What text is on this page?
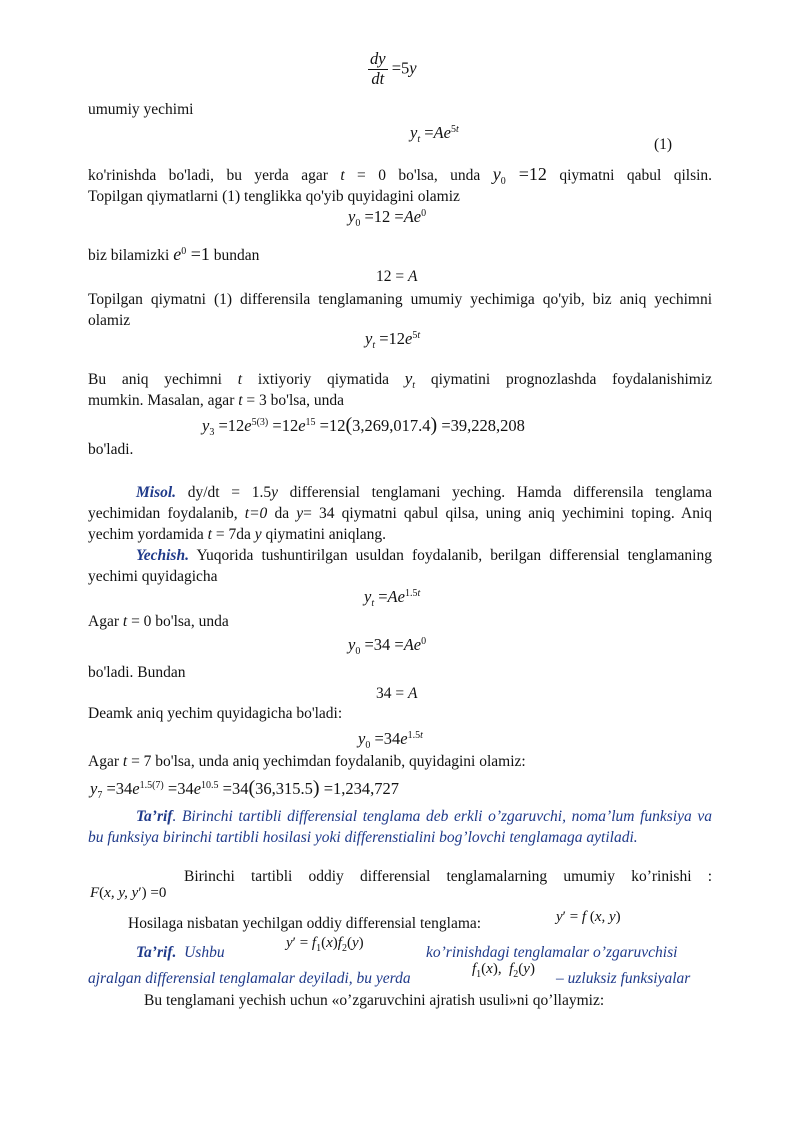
$\frac{dy}{dt} =5y$
umumiy yechimi
$y_t =Ae^{5t}$
(1)
ko'rinishda bo'ladi, bu yerda agar t = 0 bo'lsa, unda $y_0 =12$ qiymatni qabul qilsin.
Topilgan qiymatlarni (1) tenglikka qo'yib quyidagini olamiz
$y_0 =12 =Ae^0$
biz bilamizki $e^0 =1$ bundan
12 = A
Topilgan qiymatni (1) differensila tenglamaning umumiy yechimiga qo'yib, biz aniq yechimni olamiz
$y_t =12e^{5t}$
Bu aniq yechimni t ixtiyoriy qiymatida $y_t$ qiymatini prognozlashda foydalanishimiz
mumkin. Masalan, agar t = 3 bo'lsa, unda
$y_3 =12e^{5(3)} =12e^{15} =12(3,269,017.4) =39,228,208$
bo'ladi.
Misol. dy/dt = 1.5y differensial tenglamani yeching. Hamda differensila tenglama yechimidan foydalanib, t=0 da y= 34 qiymatni qabul qilsa, uning aniq yechimini toping. Aniq yechim yordamida t = 7da y qiymatini aniqlang.
Yechish. Yuqorida tushuntirilgan usuldan foydalanib, berilgan differensial tenglamaning yechimi quyidagicha
$y_t =Ae^{1.5t}$
Agar t = 0 bo'lsa, unda
$y_0 =34 =Ae^0$
bo'ladi. Bundan
34 = A
Deamk aniq yechim quyidagicha bo'ladi:
$y_0 =34e^{1.5t}$
Agar t = 7 bo'lsa, unda aniq yechimdan foydalanib, quyidagini olamiz:
$y_7 =34e^{1.5(7)} =34e^{10.5} =34(36,315.5) =1,234,727$
Ta’rif. Birinchi tartibli differensial tenglama deb erkli o’zgaruvchi, noma’lum funksiya va bu funksiya birinchi tartibli hosilasi yoki differenstialini bog’lovchi tenglamaga aytiladi.
Birinchi tartibli oddiy differensial tenglamalarning umumiy ko’rinishi :
F(x, y, y′) =0
Hosilaga nisbatan yechilgan oddiy differensial tenglama:	y′ = f (x, y)
Ta’rif. Ushbu
$y' = f_1(x)f_2(y)$
ko’rinishdagi tenglamalar o’zgaruvchisi
ajralgan differensial tenglamalar deyiladi, bu yerda
$f_1(x)$,  $f_2(y)$
– uzluksiz funksiyalar
Bu tenglamani yechish uchun «o’zgaruvchini ajratish usuli»ni qo’llaymiz:
